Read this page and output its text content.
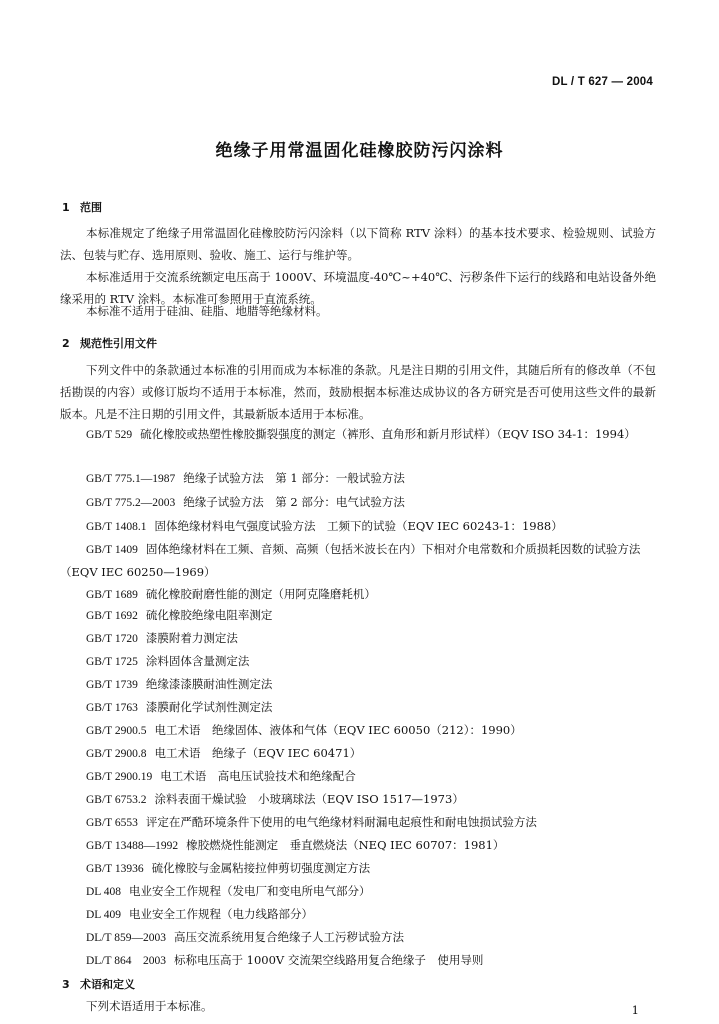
DL / T 627 — 2004
绝缘子用常温固化硅橡胶防污闪涂料
1 范围

本标准规定了绝缘子用常温固化硅橡胶防污闪涂料（以下简称 RTV 涂料）的基本技术要求、检验规则、试验方法、包装与贮存、选用原则、验收、施工、运行与维护等。

本标准适用于交流系统额定电压高于 1000V、环境温度-40℃~+40℃、污秽条件下运行的线路和电站设备外绝缘采用的 RTV 涂料。本标准可参照用于直流系统。

本标准不适用于硅油、硅脂、地腊等绝缘材料。

2 规范性引用文件

下列文件中的条款通过本标准的引用而成为本标准的条款。凡是注日期的引用文件，其随后所有的修改单（不包括勘误的内容）或修订版均不适用于本标准，然而，鼓励根据本标准达成协议的各方研究是否可使用这些文件的最新版本。凡是不注日期的引用文件，其最新版本适用于本标准。

GB/T 529 硫化橡胶或热塑性橡胶撕裂强度的测定（裤形、直角形和新月形试样）（EQV ISO 34-1：1994）

GB/T 775.1—1987 绝缘子试验方法　第 1 部分：一般试验方法

GB/T 775.2—2003 绝缘子试验方法　第 2 部分：电气试验方法

GB/T 1408.1 固体绝缘材料电气强度试验方法　工频下的试验（EQV IEC 60243-1：1988）

GB/T 1409 固体绝缘材料在工频、音频、高频（包括米波长在内）下相对介电常数和介质损耗因数的试验方法（EQV IEC 60250—1969）

GB/T 1689 硫化橡胶耐磨性能的测定（用阿克隆磨耗机）

GB/T 1692 硫化橡胶绝缘电阻率测定

GB/T 1720 漆膜附着力测定法

GB/T 1725 涂料固体含量测定法

GB/T 1739 绝缘漆漆膜耐油性测定法

GB/T 1763 漆膜耐化学试剂性测定法

GB/T 2900.5 电工术语　绝缘固体、液体和气体（EQV IEC 60050（212）：1990）

GB/T 2900.8 电工术语　绝缘子（EQV IEC 60471）

GB/T 2900.19 电工术语　高电压试验技术和绝缘配合

GB/T 6753.2 涂料表面干燥试验　小玻璃球法（EQV ISO 1517—1973）

GB/T 6553 评定在严酷环境条件下使用的电气绝缘材料耐漏电起痕性和耐电蚀损试验方法

GB/T 13488—1992 橡胶燃烧性能测定　垂直燃烧法（NEQ IEC 60707：1981）

GB/T 13936 硫化橡胶与金属粘接拉伸剪切强度测定方法

DL 408 电业安全工作规程（发电厂和变电所电气部分）

DL 409 电业安全工作规程（电力线路部分）

DL/T 859—2003 高压交流系统用复合绝缘子人工污秽试验方法

DL/T 864　2003 标称电压高于 1000V 交流架空线路用复合绝缘子　使用导则

3 术语和定义

下列术语适用于本标准。	1
